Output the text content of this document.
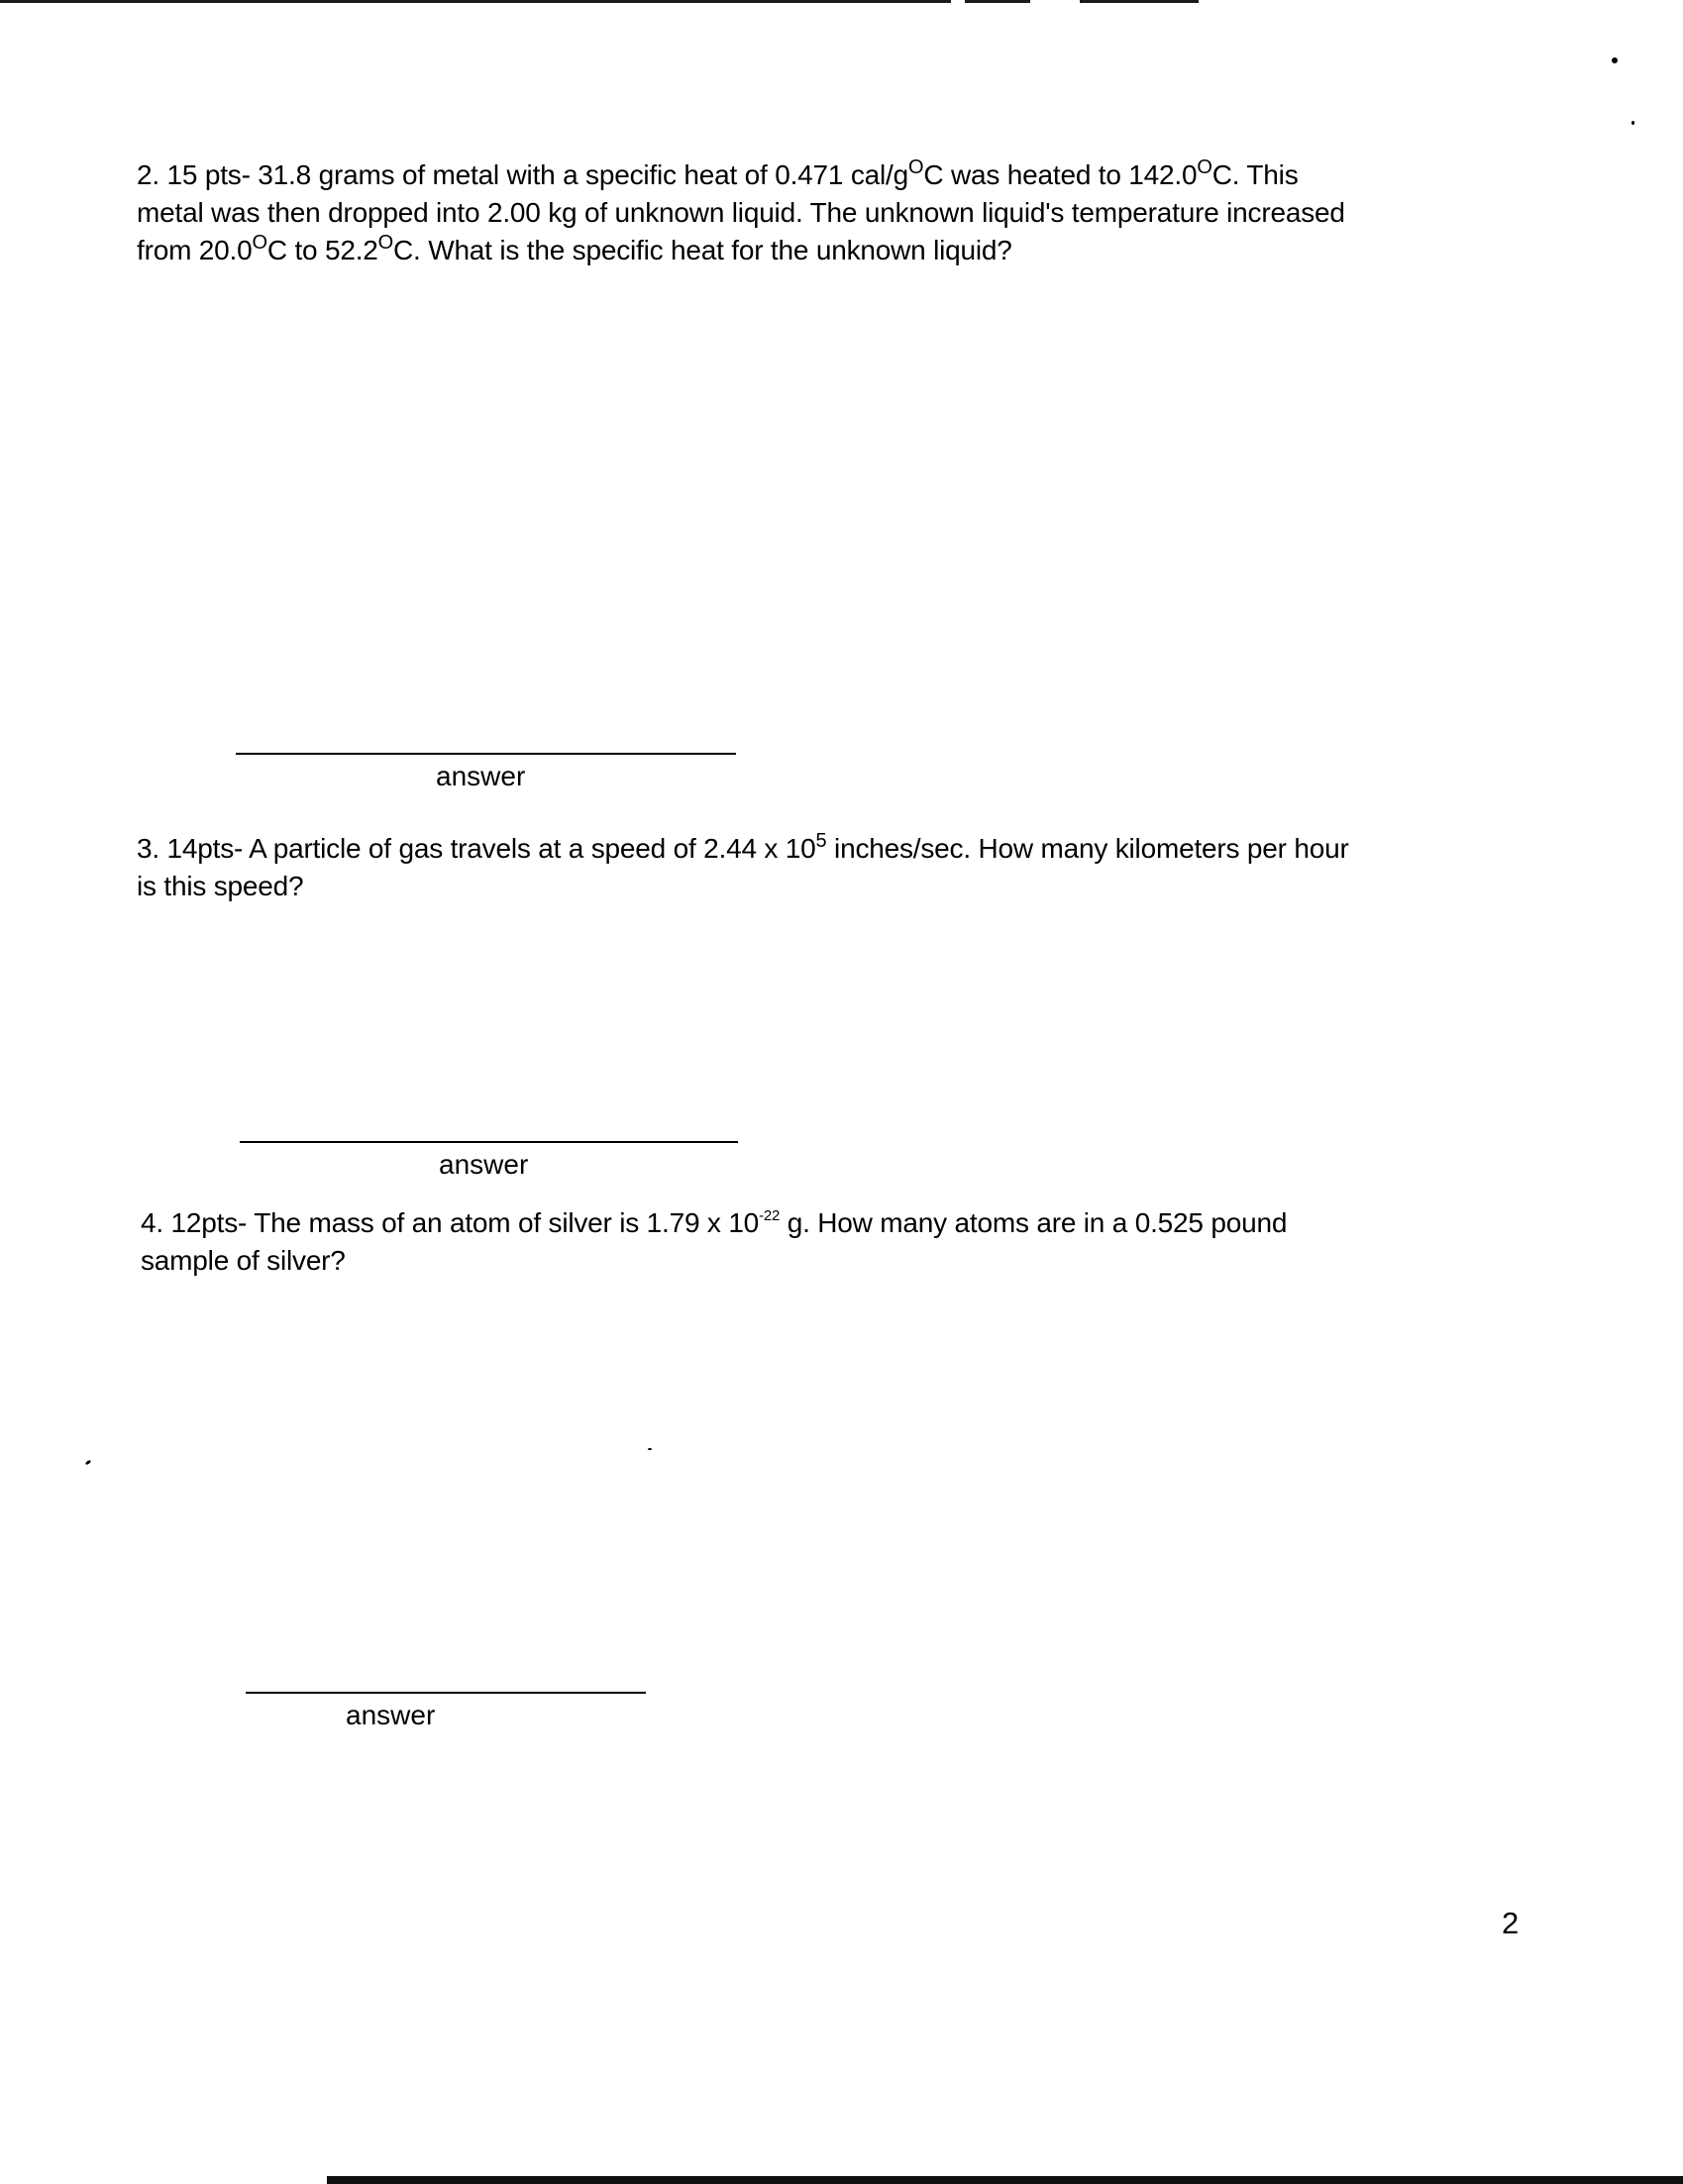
2. 15 pts- 31.8 grams of metal with a specific heat of 0.471 cal/$g^OC$ was heated to $142.0^OC$. This
metal was then dropped into 2.00 kg of unknown liquid. The unknown liquid's temperature increased
from $20.0^OC$ to $52.2^OC$. What is the specific heat for the unknown liquid?
answer
3. 14pts- A particle of gas travels at a speed of 2.44 x $10^5$ inches/sec. How many kilometers per hour
is this speed?
answer
4. 12pts- The mass of an atom of silver is 1.79 x $10^{-22}$ g. How many atoms are in a 0.525 pound
sample of silver?
answer
2
